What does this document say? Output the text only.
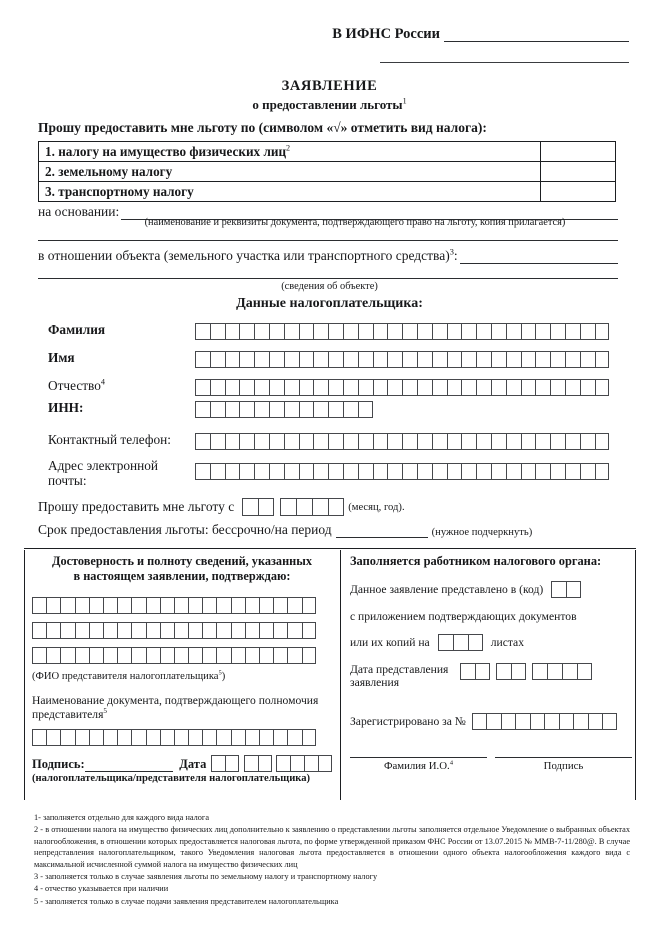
В ИФНС России
ЗАЯВЛЕНИЕ
о предоставлении льготы$^1$
Прошу предоставить мне льготу по (символом «√» отметить вид налога):
1. налогу на имущество физических лиц$^2$
2. земельному налогу
3. транспортному налогу
на основании:
(наименование и реквизиты документа, подтверждающего право на льготу, копия прилагается)
в отношении объекта (земельного участка или транспортного средства)$^3$:
(сведения об объекте)
Данные налогоплательщика:
Фамилия
Имя
Отчество$^4$
ИНН:
Контактный телефон:
Адрес электронной
почты:
Прошу предоставить мне льготу с	(месяц, год).
Срок предоставления льготы: бессрочно/на период	(нужное подчеркнуть)
Достоверность и полноту сведений, указанных
в настоящем заявлении, подтверждаю:
(ФИО представителя налогоплательщика$^5$)
Наименование документа, подтверждающего полномочия
представителя$^5$
Подпись:	Дата
(налогоплательщика/представителя налогоплательщика)
Заполняется работником налогового органа:
Данное заявление представлено в (код)
с приложением подтверждающих документов
или их копий на	листах
Дата представления
заявления
Зарегистрировано за №
Фамилия И.О.$^4$	Подпись

1- заполняется отдельно для каждого вида налога

2 - в отношении налога на имущество физических лиц дополнительно к заявлению о представлении льготы заполняется отдельное Уведомление о выбранных объектах налогообложения, в отношении которых предоставляется налоговая льгота, по форме утвержденной приказом ФНС России от 13.07.2015 № ММВ-7-11/280@. В случае непредставления налогоплательщиком, такого Уведомления налоговая льгота предоставляется в отношении одного объекта налогообложения каждого вида с максимальной исчисленной суммой налога на имущество физических лиц

3 - заполняется только в случае заявления льготы по земельному налогу и транспортному налогу

4 - отчество указывается при наличии

5 - заполняется только в случае подачи заявления представителем налогоплательщика
